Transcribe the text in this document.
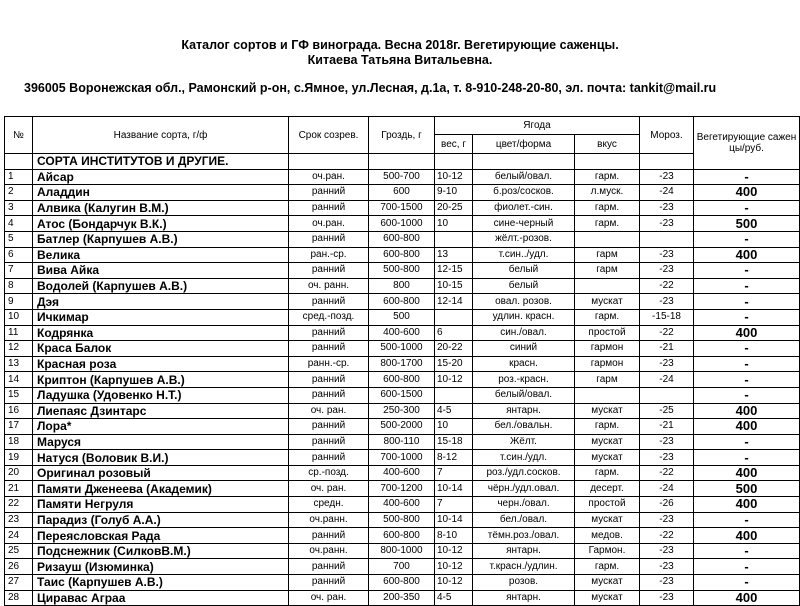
Каталог сортов и ГФ винограда. Весна 2018г. Вегетирующие саженцы.
Китаева Татьяна Витальевна.
396005 Воронежская обл., Рамонский р-он, с.Ямное, ул.Лесная, д.1а, т. 8-910-248-20-80, эл. почта: tankit@mail.ru
№	Название сорта, г/ф	Срок созрев.	Гроздь, г	Ягода			Мороз.	Вегетирующие саженцы/руб.
				вес, г	цвет/форма	вкус		
	СОРТА ИНСТИТУТОВ И ДРУГИЕ.							
1	Айсар	оч.ран.	500-700	10-12	белый/овал.	гарм.	-23	-
2	Аладдин	ранний	600	9-10	б.роз/сосков.	л.муск.	-24	400
3	Алвика (Калугин В.М.)	ранний	700-1500	20-25	фиолет.-син.	гарм.	-23	-
4	Атос (Бондарчук В.К.)	оч.ран.	600-1000	10	сине-черный	гарм.	-23	500
5	Батлер (Карпушев А.В.)	ранний	600-800		жёлт.-розов.			-
6	Велика	ран.-ср.	600-800	13	т.син../удл.	гарм	-23	400
7	Вива Айка	ранний	500-800	12-15	белый	гарм	-23	-
8	Водолей (Карпушев А.В.)	оч. ранн.	800	10-15	белый		-22	-
9	Дэя	ранний	600-800	12-14	овал. розов.	мускат	-23	-
10	Ичкимар	сред.-позд.	500		удлин. красн.	гарм.	-15-18	-
11	Кодрянка	ранний	400-600	6	син./овал.	простой	-22	400
12	Краса Балок	ранний	500-1000	20-22	синий	гармон	-21	-
13	Красная роза	ранн.-ср.	800-1700	15-20	красн.	гармон	-23	-
14	Криптон (Карпушев А.В.)	ранний	600-800	10-12	роз.-красн.	гарм	-24	-
15	Ладушка (Удовенко Н.Т.)	ранний	600-1500		белый/овал.			-
16	Лиепаяс Дзинтарс	оч. ран.	250-300	4-5	янтарн.	мускат	-25	400
17	Лора*	ранний	500-2000	10	бел./овальн.	гарм.	-21	400
18	Маруся	ранний	800-110	15-18	Жёлт.	мускат	-23	-
19	Натуся (Воловик В.И.)	ранний	700-1000	8-12	т.син./удл.	мускат	-23	-
20	Оригинал розовый	ср.-позд.	400-600	7	роз./удл.сосков.	гарм.	-22	400
21	Памяти Дженеева (Академик)	оч. ран.	700-1200	10-14	чёрн./удл.овал.	десерт.	-24	500
22	Памяти Негруля	средн.	400-600	7	черн./овал.	простой	-26	400
23	Парадиз (Голуб А.А.)	оч.ранн.	500-800	10-14	бел./овал.	мускат	-23	-
24	Переясловская Рада	ранний	600-800	8-10	тёмн.роз./овал.	медов.	-22	400
25	Подснежник (СилковВ.М.)	оч.ранн.	800-1000	10-12	янтарн.	Гармон.	-23	-
26	Ризауш (Изюминка)	ранний	700	10-12	т.красн./удлин.	гарм.	-23	-
27	Таис (Карпушев А.В.)	ранний	600-800	10-12	розов.	мускат	-23	-
28	Циравас Аграа	оч. ран.	200-350	4-5	янтарн.	мускат	-23	400
